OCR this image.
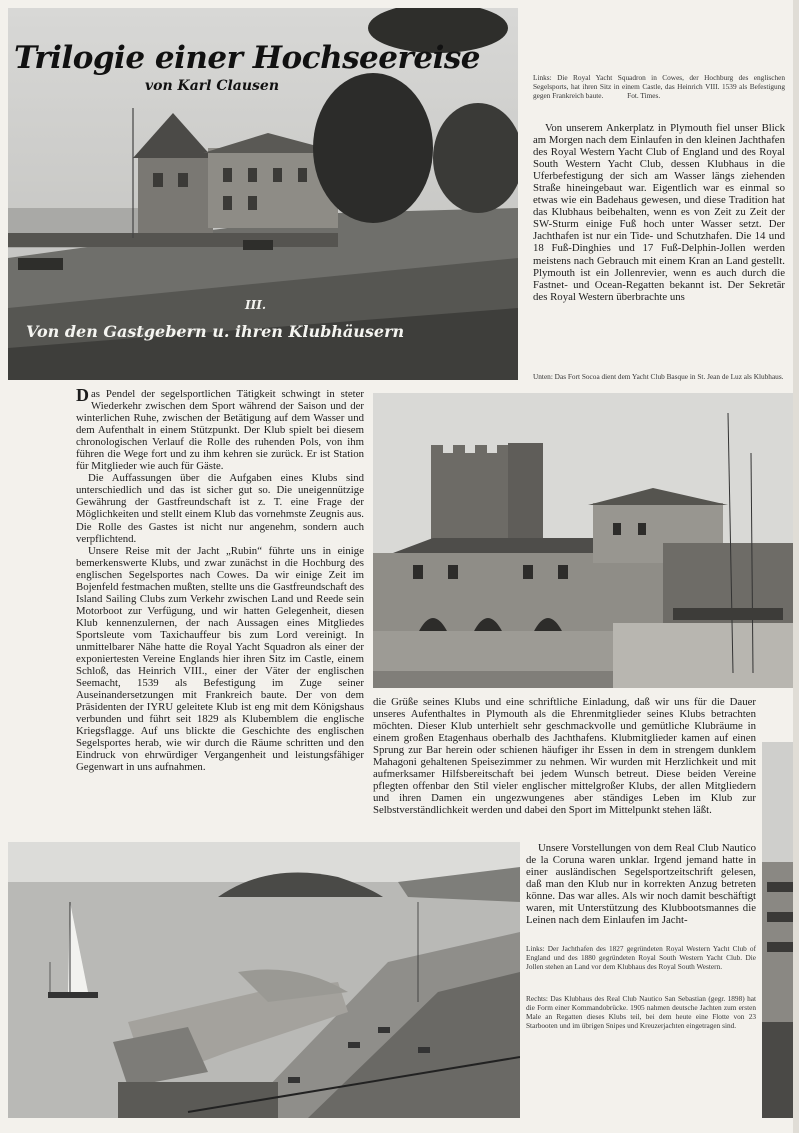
Trilogie einer Hochseereise
von Karl Clausen
III.
Von den Gastgebern u. ihren Klubhäusern
Links: Die Royal Yacht Squadron in Cowes, der Hochburg des englischen Segelsports, hat ihren Sitz in einem Castle, das Heinrich VIII. 1539 als Befestigung gegen Frankreich baute.	Fot. Times.

Von unserem Ankerplatz in Plymouth fiel unser Blick am Morgen nach dem Einlaufen in den kleinen Jachthafen des Royal Western Yacht Club of England und des Royal South Western Yacht Club, dessen Klubhaus in die Uferbefestigung der sich am Wasser längs ziehenden Straße hineingebaut war. Eigentlich war es einmal so etwas wie ein Badehaus gewesen, und diese Tradition hat das Klubhaus beibehalten, wenn es von Zeit zu Zeit der SW-Sturm einige Fuß hoch unter Wasser setzt. Der Jachthafen ist nur ein Tide- und Schutzhafen. Die 14 und 18 Fuß-Dinghies und 17 Fuß-Delphin-Jollen werden meistens nach Gebrauch mit einem Kran an Land gestellt. Plymouth ist ein Jollenrevier, wenn es auch durch die Fastnet- und Ocean-Regatten bekannt ist. Der Sekretär des Royal Western überbrachte uns

Unten: Das Fort Socoa dient dem Yacht Club Basque in St. Jean de Luz als Klubhaus.

Das Pendel der segelsportlichen Tätigkeit schwingt in steter Wiederkehr zwischen dem Sport während der Saison und der winterlichen Ruhe, zwischen der Betätigung auf dem Wasser und dem Aufenthalt in einem Stützpunkt. Der Klub spielt bei diesem chronologischen Verlauf die Rolle des ruhenden Pols, von ihm führen die Wege fort und zu ihm kehren sie zurück. Er ist Station für Mitglieder wie auch für Gäste.

Die Auffassungen über die Aufgaben eines Klubs sind unterschiedlich und das ist sicher gut so. Die uneigennützige Gewährung der Gastfreundschaft ist z. T. eine Frage der Möglichkeiten und stellt einem Klub das vornehmste Zeugnis aus. Die Rolle des Gastes ist nicht nur angenehm, sondern auch verpflichtend.

Unsere Reise mit der Jacht „Rubin“ führte uns in einige bemerkenswerte Klubs, und zwar zunächst in die Hochburg des englischen Segelsportes nach Cowes. Da wir einige Zeit im Bojenfeld festmachen mußten, stellte uns die Gastfreundschaft des Island Sailing Clubs zum Verkehr zwischen Land und Reede sein Motorboot zur Verfügung, und wir hatten Gelegenheit, diesen Klub kennenzulernen, der nach Aussagen eines Mitgliedes Sportsleute vom Taxichauffeur bis zum Lord vereinigt. In unmittelbarer Nähe hatte die Royal Yacht Squadron als einer der exponiertesten Vereine Englands hier ihren Sitz im Castle, einem Schloß, das Heinrich VIII., einer der Väter der englischen Seemacht, 1539 als Befestigung im Zuge seiner Auseinandersetzungen mit Frankreich baute. Der von dem Präsidenten der IYRU geleitete Klub ist eng mit dem Königshaus verbunden und führt seit 1829 als Klubemblem die englische Kriegsflagge. Auf uns blickte die Geschichte des englischen Segelsportes herab, wie wir durch die Räume schritten und den Eindruck von ehrwürdiger Vergangenheit und leistungsfähiger Gegenwart in uns aufnahmen.

die Grüße seines Klubs und eine schriftliche Einladung, daß wir uns für die Dauer unseres Aufenthaltes in Plymouth als die Ehrenmitglieder seines Klubs betrachten möchten. Dieser Klub unterhielt sehr geschmackvolle und gemütliche Klubräume in einem großen Etagenhaus oberhalb des Jachthafens. Klubmitglieder kamen auf einen Sprung zur Bar herein oder schienen häufiger ihr Essen in dem in strengem dunklem Mahagoni gehaltenen Speisezimmer zu nehmen. Wir wurden mit Herzlichkeit und mit aufmerksamer Hilfsbereitschaft bei jedem Wunsch betreut. Diese beiden Vereine pflegten offenbar den Stil vieler englischer mittelgroßer Klubs, der allen Mitgliedern und ihren Damen ein ungezwungenes aber ständiges Leben im Klub zur Selbstverständlichkeit werden und dabei den Sport im Mittelpunkt stehen läßt.

Unsere Vorstellungen von dem Real Club Nautico de la Coruna waren unklar. Irgend jemand hatte in einer ausländischen Segelsportzeitschrift gelesen, daß man den Klub nur in korrekten Anzug betreten könne. Das war alles. Als wir noch damit beschäftigt waren, mit Unterstützung des Klubbootsmannes die Leinen nach dem Einlaufen im Jacht-

Links: Der Jachthafen des 1827 gegründeten Royal Western Yacht Club of England und des 1880 gegründeten Royal South Western Yacht Club. Die Jollen stehen an Land vor dem Klubhaus des Royal South Western.
Rechts: Das Klubhaus des Real Club Nautico San Sebastian (gegr. 1898) hat die Form einer Kommandobrücke. 1905 nahmen deutsche Jachten zum ersten Male an Regatten dieses Klubs teil, bei dem heute eine Flotte von 23 Starbooten und im übrigen Snipes und Kreuzerjachten eingetragen sind.
